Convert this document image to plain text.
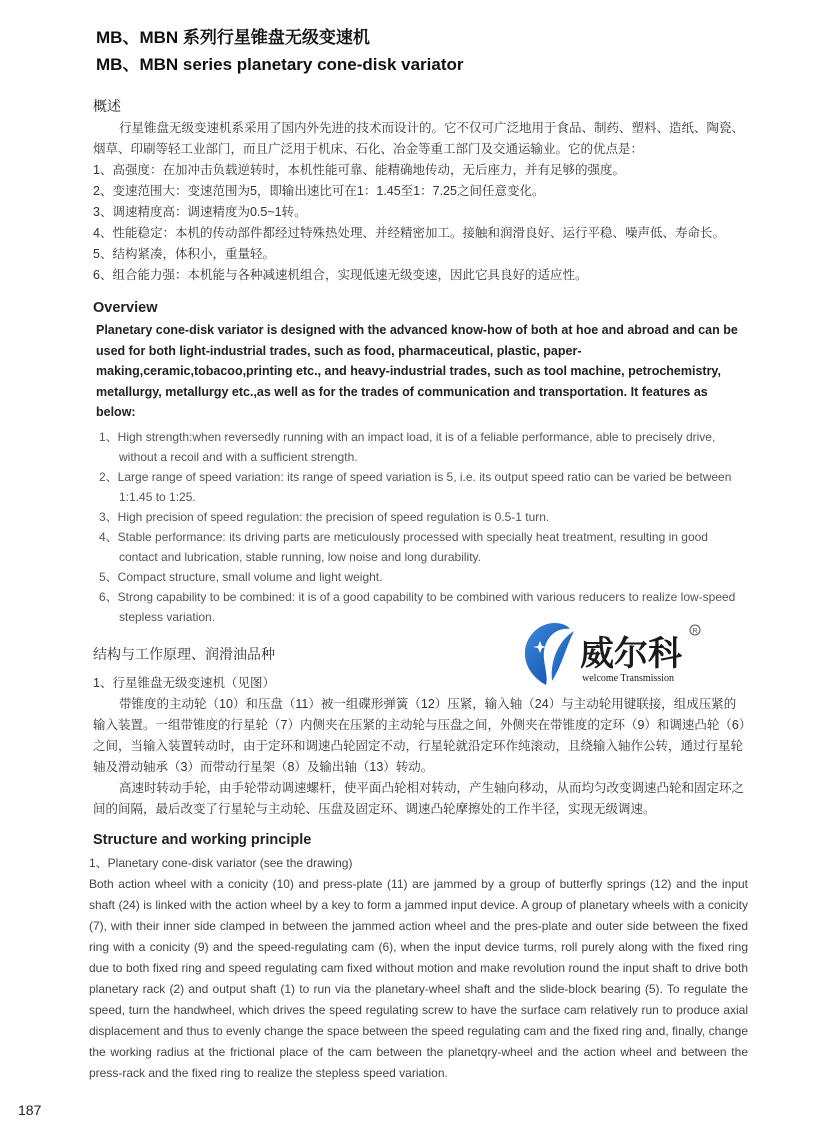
MB、MBN 系列行星锥盘无级变速机
MB、MBN series planetary cone-disk variator
概述

行星锥盘无级变速机系采用了国内外先进的技术而设计的。它不仅可广泛地用于食品、制药、塑料、造纸、陶瓷、烟草、印刷等轻工业部门，而且广泛用于机床、石化、冶金等重工部门及交通运输业。它的优点是：

1、高强度：在加冲击负载逆转时，本机性能可靠、能精确地传动，无后座力，并有足够的强度。

2、变速范围大：变速范围为5，即输出速比可在1：1.45至1：7.25之间任意变化。

3、调速精度高：调速精度为0.5~1转。

4、性能稳定：本机的传动部件都经过特殊热处理、并经精密加工。接触和润滑良好、运行平稳、噪声低、寿命长。

5、结构紧凑，体积小，重量轻。

6、组合能力强：本机能与各种减速机组合，实现低速无级变速，因此它具良好的适应性。

Overview

Planetary cone-disk variator is designed with the advanced know-how of both at hoe and abroad and can be used for both light-industrial trades, such as food, pharmaceutical, plastic, paper-making,ceramic,tobacoo,printing etc., and heavy-industrial trades, such as tool machine, petrochemistry, metallurgy, metallurgy etc.,as well as for the trades of communication and transportation. It features as below:

1、High strength:when reversedly running with an impact load, it is of a feliable performance, able to precisely drive, without a recoil and with a sufficient strength.

2、Large range of speed variation: its range of speed variation is 5, i.e. its output speed ratio can be varied be between 1:1.45 to 1:25.

3、High precision of speed regulation: the precision of speed regulation is 0.5-1 turn.

4、Stable performance: its driving parts are meticulously processed with specially heat treatment, resulting in good contact and lubrication, stable running, low noise and long durability.

5、Compact structure, small volume and light weight.

6、Strong capability to be combined: it is of a good capability to be combined with various reducers to realize low-speed stepless variation.

结构与工作原理、润滑油品种	威尔科
welcome Transmission
R

1、行星锥盘无级变速机（见图）

带锥度的主动轮（10）和压盘（11）被一组碟形弹簧（12）压紧，输入轴（24）与主动轮用键联接，组成压紧的输入装置。一组带锥度的行星轮（7）内侧夹在压紧的主动轮与压盘之间，外侧夹在带锥度的定环（9）和调速凸轮（6）之间，当输入装置转动时，由于定环和调速凸轮固定不动，行星轮就沿定环作纯滚动，且绕输入轴作公转，通过行星轮轴及滑动轴承（3）而带动行星架（8）及输出轴（13）转动。

高速时转动手轮，由手轮带动调速螺杆，使平面凸轮相对转动，产生轴向移动，从而均匀改变调速凸轮和固定环之间的间隔，最后改变了行星轮与主动轮、压盘及固定环、调速凸轮摩擦处的工作半径，实现无级调速。

Structure and working principle

1、Planetary cone-disk variator (see the drawing)

Both action wheel with a conicity (10) and press-plate (11) are jammed by a group of butterfly springs (12) and the input shaft (24) is linked with the action wheel by a key to form a jammed input device. A group of planetary wheels with a conicity (7), with their inner side clamped in between the jammed action wheel and the pres-plate and outer side between the fixed ring with a conicity (9) and the speed-regulating cam (6), when the input device turms, roll purely along with the fixed ring due to both fixed ring and speed regulating cam fixed without motion and make revolution round the input shaft to drive both planetary rack (2) and output shaft (1) to run via the planetary-wheel shaft and the slide-block bearing (5). To regulate the speed, turn the handwheel, which drives the speed regulating screw to have the surface cam relatively run to produce axial displacement and thus to evenly change the space between the speed regulating cam and the fixed ring and, finally, change the working radius at the frictional place of the cam between the planetqry-wheel and the action wheel and between the press-rack and the fixed ring to realize the stepless speed variation.

187
